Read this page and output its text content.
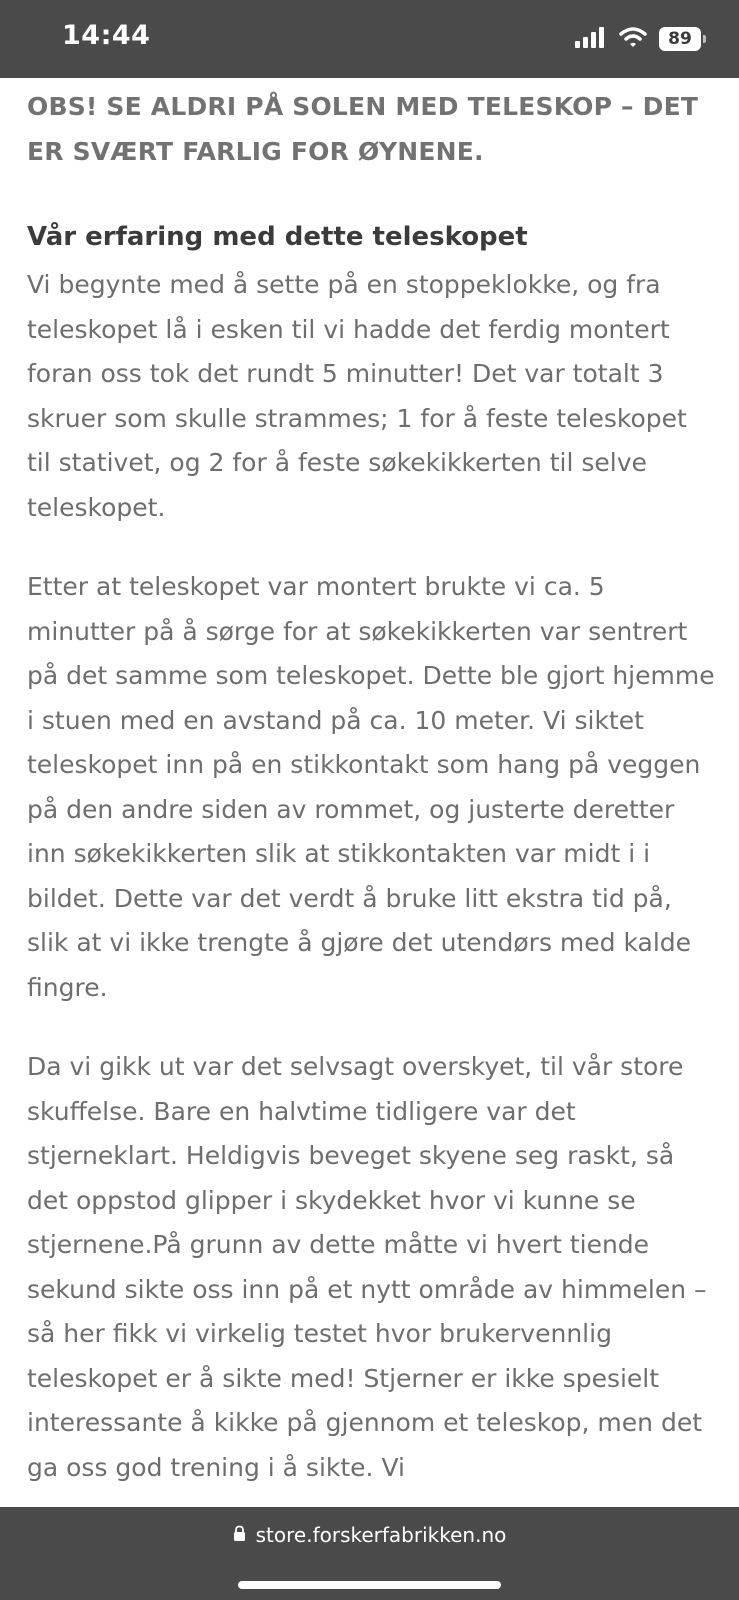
14:44	89

OBS! SE ALDRI PÅ SOLEN MED TELESKOP – DET ER SVÆRT FARLIG FOR ØYNENE.

Vår erfaring med dette teleskopet

Vi begynte med å sette på en stoppeklokke, og fra teleskopet lå i esken til vi hadde det ferdig montert foran oss tok det rundt 5 minutter! Det var totalt 3 skruer som skulle strammes; 1 for å feste teleskopet til stativet, og 2 for å feste søkekikkerten til selve teleskopet.

Etter at teleskopet var montert brukte vi ca. 5 minutter på å sørge for at søkekikkerten var sentrert på det samme som teleskopet. Dette ble gjort hjemme i stuen med en avstand på ca. 10 meter. Vi siktet teleskopet inn på en stikkontakt som hang på veggen på den andre siden av rommet, og justerte deretter inn søkekikkerten slik at stikkontakten var midt i i bildet. Dette var det verdt å bruke litt ekstra tid på, slik at vi ikke trengte å gjøre det utendørs med kalde fingre.

Da vi gikk ut var det selvsagt overskyet, til vår store skuffelse. Bare en halvtime tidligere var det stjerneklart. Heldigvis beveget skyene seg raskt, så det oppstod glipper i skydekket hvor vi kunne se stjernene.På grunn av dette måtte vi hvert tiende sekund sikte oss inn på et nytt område av himmelen – så her fikk vi virkelig testet hvor brukervennlig teleskopet er å sikte med! Stjerner er ikke spesielt interessante å kikke på gjennom et teleskop, men det ga oss god trening i å sikte. Vi

store.forskerfabrikken.no
